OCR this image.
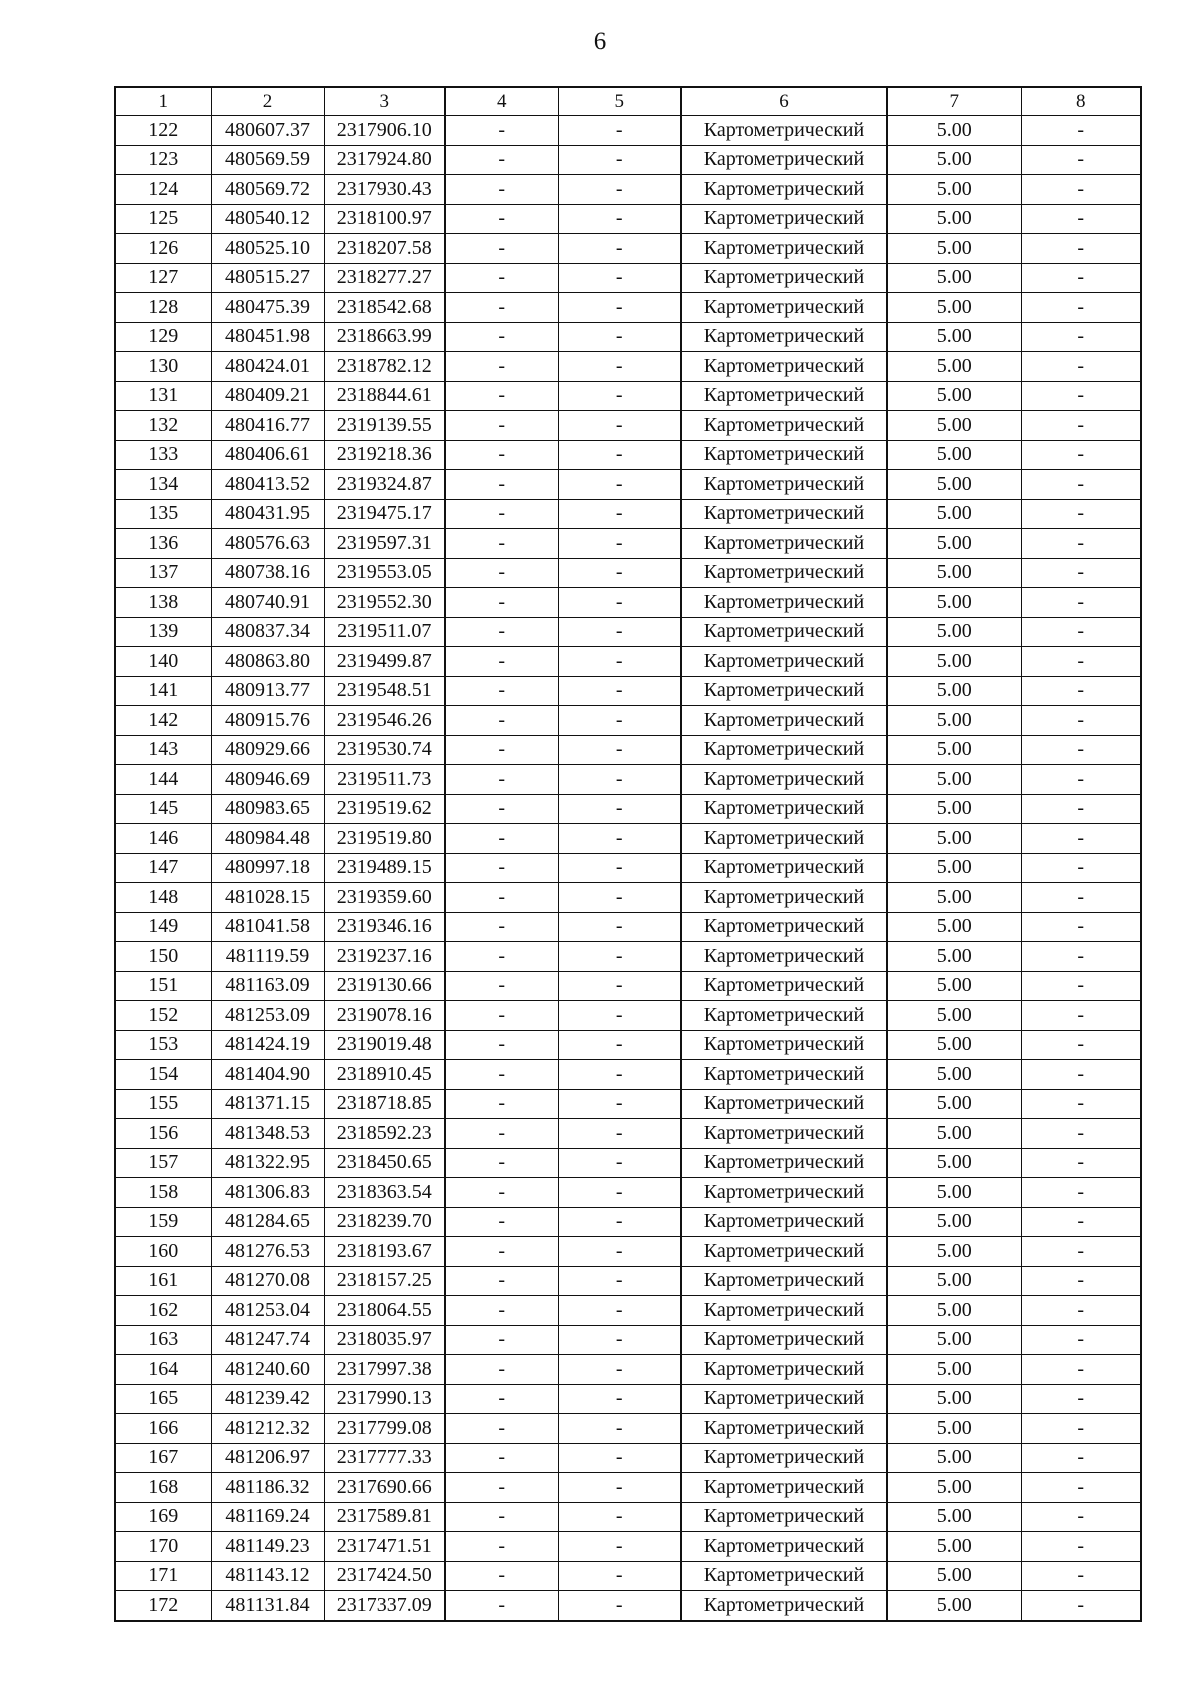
6
1	2	3	4	5	6	7	8
122	480607.37	2317906.10	-	-	Картометрический	5.00	-
123	480569.59	2317924.80	-	-	Картометрический	5.00	-
124	480569.72	2317930.43	-	-	Картометрический	5.00	-
125	480540.12	2318100.97	-	-	Картометрический	5.00	-
126	480525.10	2318207.58	-	-	Картометрический	5.00	-
127	480515.27	2318277.27	-	-	Картометрический	5.00	-
128	480475.39	2318542.68	-	-	Картометрический	5.00	-
129	480451.98	2318663.99	-	-	Картометрический	5.00	-
130	480424.01	2318782.12	-	-	Картометрический	5.00	-
131	480409.21	2318844.61	-	-	Картометрический	5.00	-
132	480416.77	2319139.55	-	-	Картометрический	5.00	-
133	480406.61	2319218.36	-	-	Картометрический	5.00	-
134	480413.52	2319324.87	-	-	Картометрический	5.00	-
135	480431.95	2319475.17	-	-	Картометрический	5.00	-
136	480576.63	2319597.31	-	-	Картометрический	5.00	-
137	480738.16	2319553.05	-	-	Картометрический	5.00	-
138	480740.91	2319552.30	-	-	Картометрический	5.00	-
139	480837.34	2319511.07	-	-	Картометрический	5.00	-
140	480863.80	2319499.87	-	-	Картометрический	5.00	-
141	480913.77	2319548.51	-	-	Картометрический	5.00	-
142	480915.76	2319546.26	-	-	Картометрический	5.00	-
143	480929.66	2319530.74	-	-	Картометрический	5.00	-
144	480946.69	2319511.73	-	-	Картометрический	5.00	-
145	480983.65	2319519.62	-	-	Картометрический	5.00	-
146	480984.48	2319519.80	-	-	Картометрический	5.00	-
147	480997.18	2319489.15	-	-	Картометрический	5.00	-
148	481028.15	2319359.60	-	-	Картометрический	5.00	-
149	481041.58	2319346.16	-	-	Картометрический	5.00	-
150	481119.59	2319237.16	-	-	Картометрический	5.00	-
151	481163.09	2319130.66	-	-	Картометрический	5.00	-
152	481253.09	2319078.16	-	-	Картометрический	5.00	-
153	481424.19	2319019.48	-	-	Картометрический	5.00	-
154	481404.90	2318910.45	-	-	Картометрический	5.00	-
155	481371.15	2318718.85	-	-	Картометрический	5.00	-
156	481348.53	2318592.23	-	-	Картометрический	5.00	-
157	481322.95	2318450.65	-	-	Картометрический	5.00	-
158	481306.83	2318363.54	-	-	Картометрический	5.00	-
159	481284.65	2318239.70	-	-	Картометрический	5.00	-
160	481276.53	2318193.67	-	-	Картометрический	5.00	-
161	481270.08	2318157.25	-	-	Картометрический	5.00	-
162	481253.04	2318064.55	-	-	Картометрический	5.00	-
163	481247.74	2318035.97	-	-	Картометрический	5.00	-
164	481240.60	2317997.38	-	-	Картометрический	5.00	-
165	481239.42	2317990.13	-	-	Картометрический	5.00	-
166	481212.32	2317799.08	-	-	Картометрический	5.00	-
167	481206.97	2317777.33	-	-	Картометрический	5.00	-
168	481186.32	2317690.66	-	-	Картометрический	5.00	-
169	481169.24	2317589.81	-	-	Картометрический	5.00	-
170	481149.23	2317471.51	-	-	Картометрический	5.00	-
171	481143.12	2317424.50	-	-	Картометрический	5.00	-
172	481131.84	2317337.09	-	-	Картометрический	5.00	-
